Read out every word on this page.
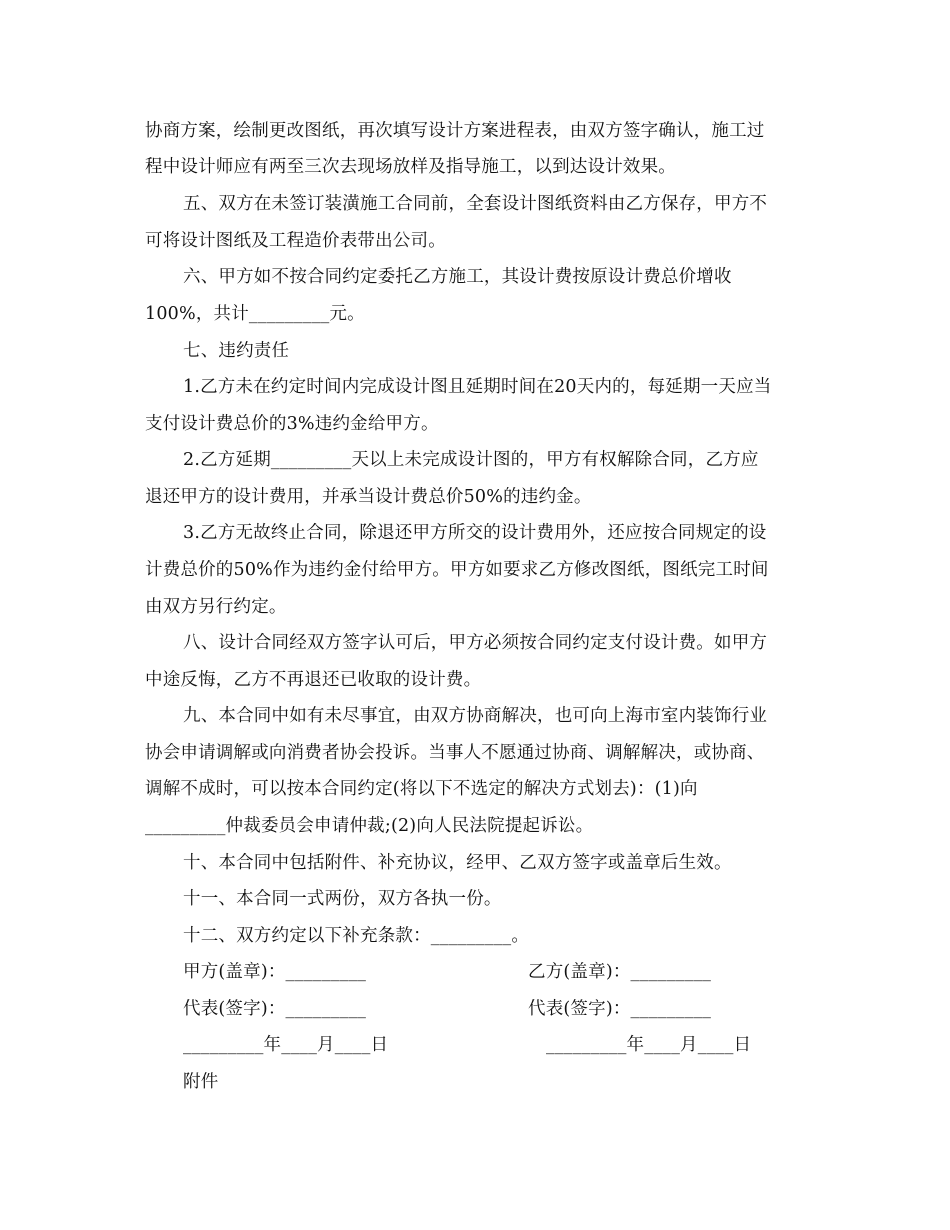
协商方案，绘制更改图纸，再次填写设计方案进程表，由双方签字确认，施工过
程中设计师应有两至三次去现场放样及指导施工，以到达设计效果。
五、双方在未签订装潢施工合同前，全套设计图纸资料由乙方保存，甲方不
可将设计图纸及工程造价表带出公司。
六、甲方如不按合同约定委托乙方施工，其设计费按原设计费总价增收
100%，共计_________元。
七、违约责任
1.乙方未在约定时间内完成设计图且延期时间在20天内的，每延期一天应当
支付设计费总价的3%违约金给甲方。
2.乙方延期_________天以上未完成设计图的，甲方有权解除合同，乙方应
退还甲方的设计费用，并承当设计费总价50%的违约金。
3.乙方无故终止合同，除退还甲方所交的设计费用外，还应按合同规定的设
计费总价的50%作为违约金付给甲方。甲方如要求乙方修改图纸，图纸完工时间
由双方另行约定。
八、设计合同经双方签字认可后，甲方必须按合同约定支付设计费。如甲方
中途反悔，乙方不再退还已收取的设计费。
九、本合同中如有未尽事宜，由双方协商解决，也可向上海市室内装饰行业
协会申请调解或向消费者协会投诉。当事人不愿通过协商、调解解决，或协商、
调解不成时，可以按本合同约定(将以下不选定的解决方式划去)：(1)向
_________仲裁委员会申请仲裁;(2)向人民法院提起诉讼。
十、本合同中包括附件、补充协议，经甲、乙双方签字或盖章后生效。
十一、本合同一式两份，双方各执一份。
十二、双方约定以下补充条款：_________。
甲方(盖章)：_________	乙方(盖章)：_________
代表(签字)：_________	代表(签字)：_________
_________年____月____日	_________年____月____日
附件
